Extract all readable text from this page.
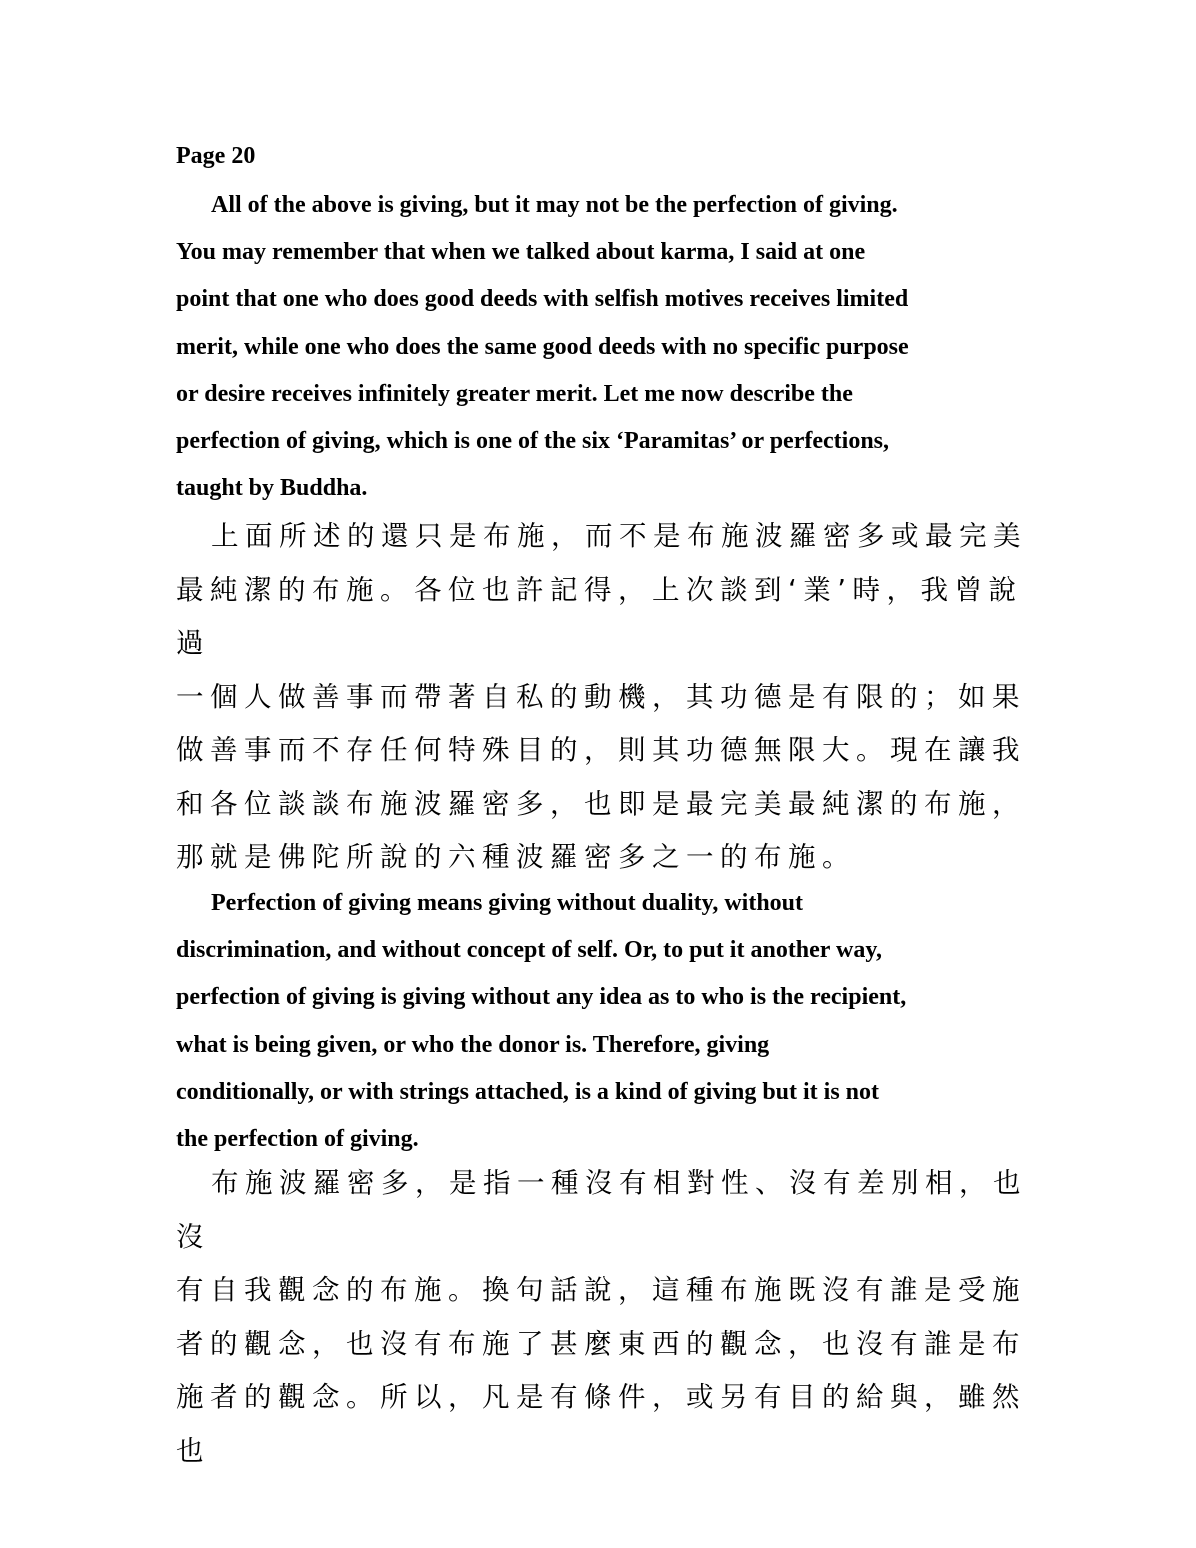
Page 20

All of the above is giving, but it may not be the perfection of giving.
You may remember that when we talked about karma, I said at one
point that one who does good deeds with selfish motives receives limited
merit, while one who does the same good deeds with no specific purpose
or desire receives infinitely greater merit. Let me now describe the
perfection of giving, which is one of the six ‘Paramitas’ or perfections,
taught by Buddha.

上面所述的還只是布施，而不是布施波羅密多或最完美
最純潔的布施。各位也許記得，上次談到‘業’時，我曾說過
一個人做善事而帶著自私的動機，其功德是有限的；如果
做善事而不存任何特殊目的，則其功德無限大。現在讓我
和各位談談布施波羅密多，也即是最完美最純潔的布施，
那就是佛陀所說的六種波羅密多之一的布施。

Perfection of giving means giving without duality, without
discrimination, and without concept of self. Or, to put it another way,
perfection of giving is giving without any idea as to who is the recipient,
what is being given, or who the donor is. Therefore, giving
conditionally, or with strings attached, is a kind of giving but it is not
the perfection of giving.

布施波羅密多，是指一種沒有相對性、沒有差別相，也沒
有自我觀念的布施。換句話說，這種布施既沒有誰是受施
者的觀念，也沒有布施了甚麼東西的觀念，也沒有誰是布
施者的觀念。所以，凡是有條件，或另有目的給與，雖然也
